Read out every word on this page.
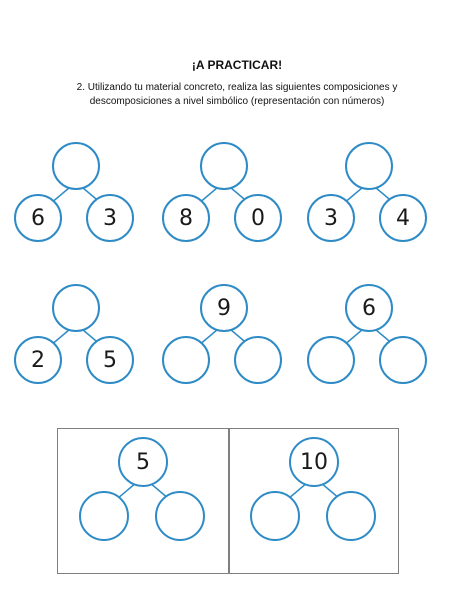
¡A PRACTICAR!

2. Utilizando tu material concreto, realiza las siguientes composiciones y descomposiciones a nivel simbólico (representación con números)

6	3	8	0	3	4
2	5
9	6
5	10
